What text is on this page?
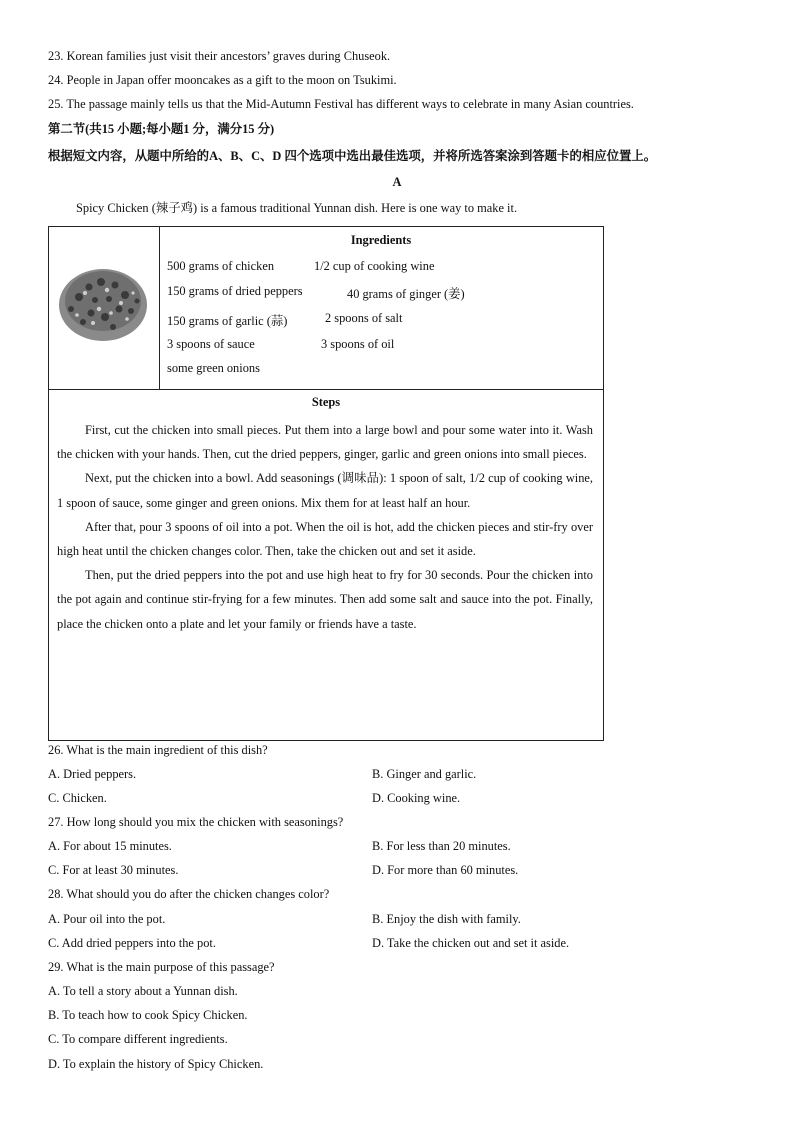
23. Korean families just visit their ancestors’ graves during Chuseok.
24. People in Japan offer mooncakes as a gift to the moon on Tsukimi.
25. The passage mainly tells us that the Mid-Autumn Festival has different ways to celebrate in many Asian countries.
第二节(共15 小题;每小题1 分，满分15 分)
根据短文内容，从题中所给的A、B、C、D 四个选项中选出最佳选项，并将所选答案涂到答题卡的相应位置上。
A
Spicy Chicken (辣子鸡) is a famous traditional Yunnan dish. Here is one way to make it.
Ingredients
500 grams of chicken	1/2 cup of cooking wine
150 grams of dried peppers	40 grams of ginger (姜)
150 grams of garlic (蒜)	2 spoons of salt
3 spoons of sauce	3 spoons of oil
some green onions
Steps

First, cut the chicken into small pieces. Put them into a large bowl and pour some water into it. Wash the chicken with your hands. Then, cut the dried peppers, ginger, garlic and green onions into small pieces.

Next, put the chicken into a bowl. Add seasonings (调味品): 1 spoon of salt, 1/2 cup of cooking wine, 1 spoon of sauce, some ginger and green onions. Mix them for at least half an hour.

After that, pour 3 spoons of oil into a pot. When the oil is hot, add the chicken pieces and stir-fry over high heat until the chicken changes color. Then, take the chicken out and set it aside.

Then, put the dried peppers into the pot and use high heat to fry for 30 seconds. Pour the chicken into the pot again and continue stir-frying for a few minutes. Then add some salt and sauce into the pot. Finally, place the chicken onto a plate and let your family or friends have a taste.

26. What is the main ingredient of this dish?
A. Dried peppers.	B. Ginger and garlic.
C. Chicken.	D. Cooking wine.
27. How long should you mix the chicken with seasonings?
A. For about 15 minutes.	B. For less than 20 minutes.
C. For at least 30 minutes.	D. For more than 60 minutes.
28. What should you do after the chicken changes color?
A. Pour oil into the pot.	B. Enjoy the dish with family.
C. Add dried peppers into the pot.	D. Take the chicken out and set it aside.
29. What is the main purpose of this passage?
A. To tell a story about a Yunnan dish.
B. To teach how to cook Spicy Chicken.
C. To compare different ingredients.
D. To explain the history of Spicy Chicken.
